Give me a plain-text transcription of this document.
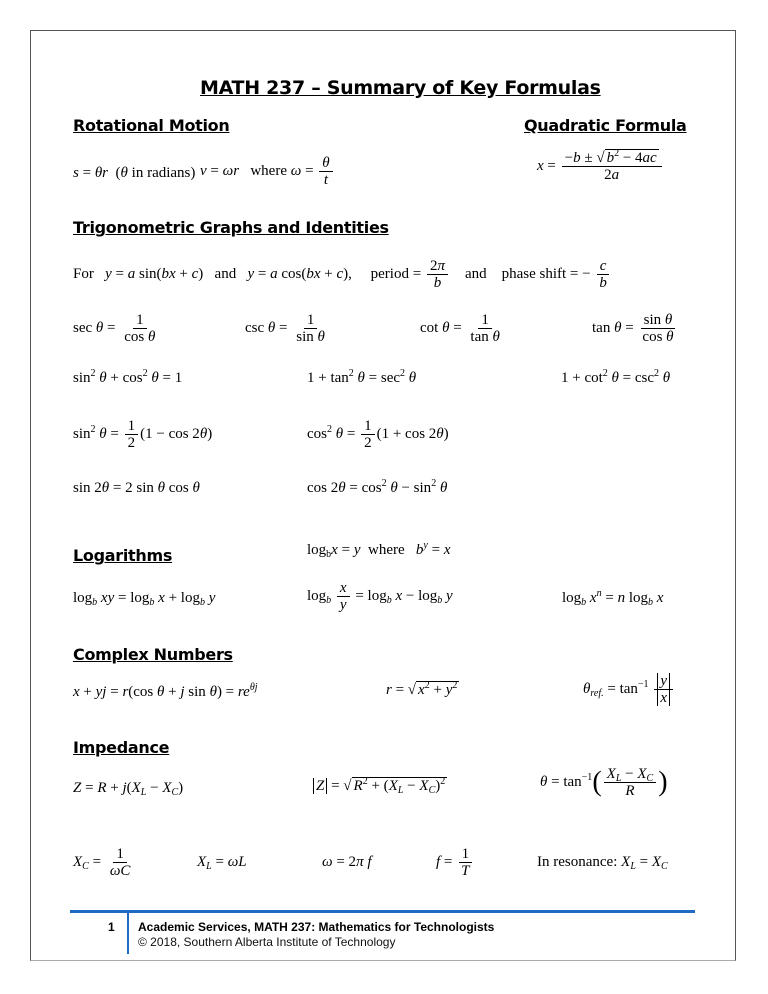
MATH 237 – Summary of Key Formulas
Rotational Motion
s = θr  (θ in radians) v = ωr   where $\omega = \frac{\theta}{t}$
Quadratic Formula
$x = \frac{-b \pm √ b^2 - 4ac}{2a}$
Trigonometric Graphs and Identities
For   y = a sin(bx + c)   and   y = a cos(bx + c),     period = $\frac{2\pi}{b}$ and    phase shift = − $\frac{c}{b}$
$\sec \theta = \frac{1}{\text{cos θ}}$	$\csc \theta = \frac{1}{\text{sin θ}}$	$\cot \theta = \frac{1}{\text{tan θ}}$	$\tan \theta = \frac{\text{sin θ}}{\text{cos θ}}$
$\sin^2 \theta + \cos^2 \theta = 1$	$1 + \tan^2 \theta = \sec^2 \theta$	$1 + \cot^2 \theta = \csc^2 \theta$
$\sin^2 \theta = \frac{1}{2} (1 - \cos 2\theta)$	$\cos^2 \theta = \frac{1}{2} (1 + \cos 2\theta)$
sin 2θ = 2 sin θ cos θ	$\cos 2\theta = \cos^2 \theta - \sin^2 \theta$
Logarithms	$\log_bx = y$  where   $b^y = x$
$\log_b$ xy = $\log_b x + \log_b y$	$\log_b \frac{x}{y} = \log_b x - \log_b y$	$\log_b x^n = n$ $\log_b x$
Complex Numbers
x + yj = r(cos θ + j $\sin \theta) = re^{\theta j}$	r = √ $x^2 + y^2$	$\theta_{ref.} = \tan^{-1} \frac{y}{x}$
Impedance
$Z = R + j(X_L - X_C)$	Z = √ $R^2 + (X_L - X_C)^2$	$\theta = \tan^{-1}( \frac{X_L - X_C}{R}$ )
$X_C = \frac{1}{\omega C}$	$X_L = \omega L$	ω = 2π f	$f = \frac{1}{T}$	In resonance: $X_L = X_C$
1 Academic Services, MATH 237: Mathematics for Technologists
© 2018, Southern Alberta Institute of Technology
